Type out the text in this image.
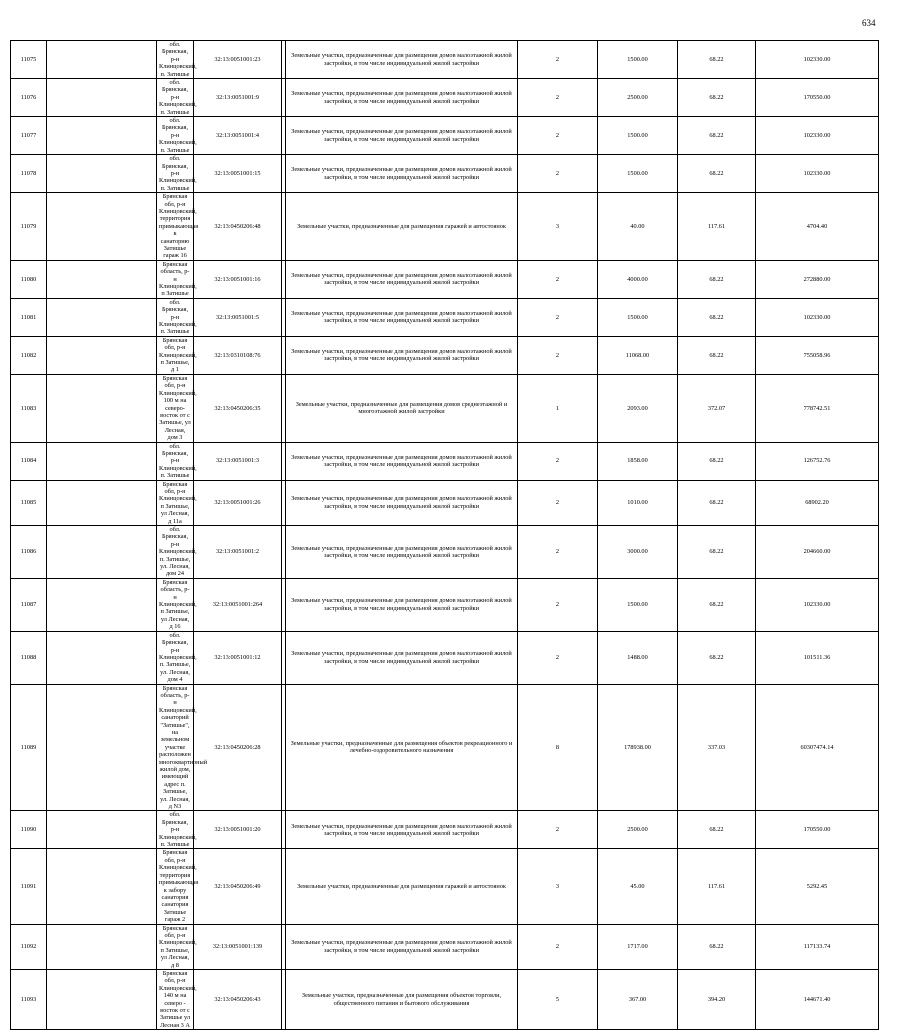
634
11075		обл. Брянская, р-н Клинцовский, п. Затишье	32:13:0051001:23		Земельные участки, предназначенные для размещения домов малоэтажной жилой застройки, в том числе индивидуальной жилой застройки	2	1500.00	68.22	102330.00
11076		обл. Брянская, р-н Клинцовский, п. Затишье	32:13:0051001:9		Земельные участки, предназначенные для размещения домов малоэтажной жилой застройки, в том числе индивидуальной жилой застройки	2	2500.00	68.22	170550.00
11077		обл. Брянская, р-н Клинцовский, п. Затишье	32:13:0051001:4		Земельные участки, предназначенные для размещения домов малоэтажной жилой застройки, в том числе индивидуальной жилой застройки	2	1500.00	68.22	102330.00
11078		обл. Брянская, р-н Клинцовский, п. Затишье	32:13:0051001:15		Земельные участки, предназначенные для размещения домов малоэтажной жилой застройки, в том числе индивидуальной жилой застройки	2	1500.00	68.22	102330.00
11079		Брянская обл, р-н Клинцовский, территория примыкающая к санаторию Затишье гараж 16	32:13:0450206:48		Земельные участки, предназначенные для размещения гаражей и автостоянок	3	40.00	117.61	4704.40
11080		Брянская область, р-н Клинцовский, п Затишье	32:13:0051001:16		Земельные участки, предназначенные для размещения домов малоэтажной жилой застройки, в том числе индивидуальной жилой застройки	2	4000.00	68.22	272880.00
11081		обл. Брянская, р-н Клинцовский, п. Затишье	32:13:0051001:5		Земельные участки, предназначенные для размещения домов малоэтажной жилой застройки, в том числе индивидуальной жилой застройки	2	1500.00	68.22	102330.00
11082		Брянская обл, р-н Клинцовский, п Затишье, д 1	32:13:0310108:76		Земельные участки, предназначенные для размещения домов малоэтажной жилой застройки, в том числе индивидуальной жилой застройки	2	11068.00	68.22	755058.96
11083		Брянская обл, р-н Клинцовский, 100 м на северо-восток от с Затишье, ул Лесная, дом 3	32:13:0450206:35		Земельные участки, предназначенные для размещения домов среднеэтажной и многоэтажной жилой застройки	1	2093.00	372.07	778742.51
11084		обл. Брянская, р-н Клинцовский, п. Затишье	32:13:0051001:3		Земельные участки, предназначенные для размещения домов малоэтажной жилой застройки, в том числе индивидуальной жилой застройки	2	1858.00	68.22	126752.76
11085		Брянская обл, р-н Клинцовский, п Затишье, ул Лесная, д 11а	32:13:0051001:26		Земельные участки, предназначенные для размещения домов малоэтажной жилой застройки, в том числе индивидуальной жилой застройки	2	1010.00	68.22	68902.20
11086		обл. Брянская, р-н Клинцовский, п. Затишье, ул. Лесная, дом 24	32:13:0051001:2		Земельные участки, предназначенные для размещения домов малоэтажной жилой застройки, в том числе индивидуальной жилой застройки	2	3000.00	68.22	204660.00
11087		Брянская область, р-н Клинцовский, п Затишье, ул Лесная, д 16	32:13:0051001:264		Земельные участки, предназначенные для размещения домов малоэтажной жилой застройки, в том числе индивидуальной жилой застройки	2	1500.00	68.22	102330.00
11088		обл. Брянская, р-н Клинцовский, п. Затишье, ул. Лесная, дом 4	32:13:0051001:12		Земельные участки, предназначенные для размещения домов малоэтажной жилой застройки, в том числе индивидуальной жилой застройки	2	1488.00	68.22	101511.36
11089		Брянская область, р-н Клинцовский, санаторий "Затишье", на земельном участке расположен многоквартирный жилой дом, имеющий адрес п. Затишье, ул. Лесная, д N3	32:13:0450206:28		Земельные участки, предназначенные для размещения объектов рекреационного и лечебно-оздоровительного назначения	8	178938.00	337.03	60307474.14
11090		обл. Брянская, р-н Клинцовский, п. Затишье	32:13:0051001:20		Земельные участки, предназначенные для размещения домов малоэтажной жилой застройки, в том числе индивидуальной жилой застройки	2	2500.00	68.22	170550.00
11091		Брянская обл, р-н Клинцовский, территория примыкающая к забору санатория санатория Затишье гараж 2	32:13:0450206:49		Земельные участки, предназначенные для размещения гаражей и автостоянок	3	45.00	117.61	5292.45
11092		Брянская обл, р-н Клинцовский, п Затишье, ул Лесная, д 8	32:13:0051001:139		Земельные участки, предназначенные для размещения домов малоэтажной жилой застройки, в том числе индивидуальной жилой застройки	2	1717.00	68.22	117133.74
11093		Брянская обл, р-н Клинцовский, 140 м на северо - восток от с Затишье ул Лесная 3 А	32:13:0450206:43		Земельные участки, предназначенные для размещения объектов торговли, общественного питания и бытового обслуживания	5	367.00	394.20	144671.40
